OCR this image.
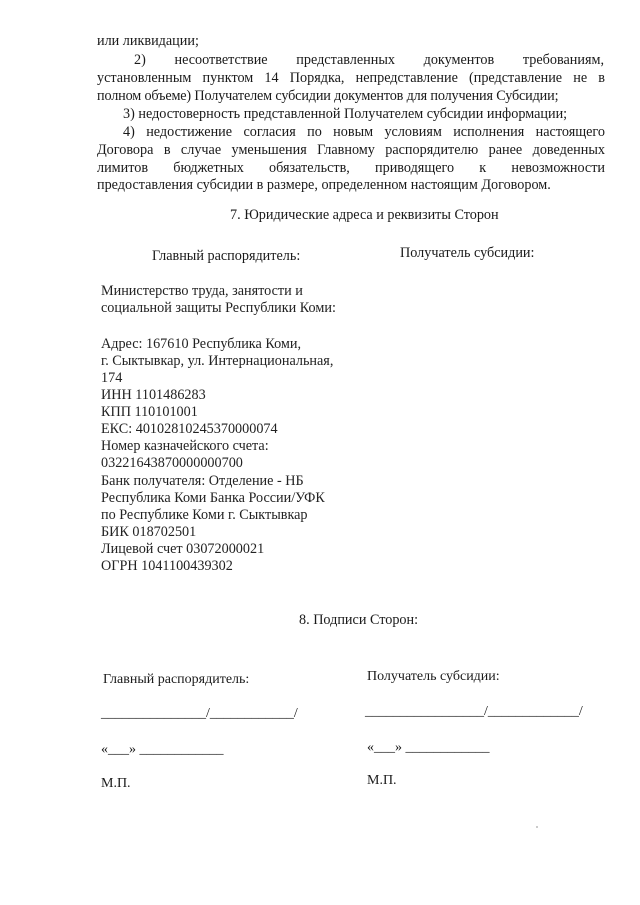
или ликвидации;
2)      несоответствие      представленных      документов      требованиям,
установленным пунктом 14 Порядка, непредставление (представление не в
полном объеме) Получателем субсидии документов для получения Субсидии;
3) недостоверность представленной Получателем субсидии информации;
4) недостижение согласия по новым условиям исполнения настоящего
Договора в случае уменьшения Главному распорядителю ранее доведенных
лимитов   бюджетных   обязательств,   приводящего   к   невозможности
предоставления субсидии в размере, определенном настоящим Договором.
7. Юридические адреса и реквизиты Сторон
Главный распорядитель:	Получатель субсидии:
Министерство труда, занятости и
социальной защиты Республики Коми:
Адрес: 167610 Республика Коми,
г. Сыктывкар, ул. Интернациональная,
174
ИНН 1101486283
КПП 110101001
ЕКС: 40102810245370000074
Номер казначейского счета:
03221643870000000700
Банк получателя: Отделение - НБ
Республика Коми Банка России/УФК
по Республике Коми г. Сыктывкар
БИК 018702501
Лицевой счет 03072000021
ОГРН 1041100439302
8. Подписи Сторон:
Главный распорядитель:
_______________/____________/
«___» ____________
М.П.
Получатель субсидии:
_________________/_____________/
«___» ____________
М.П.
